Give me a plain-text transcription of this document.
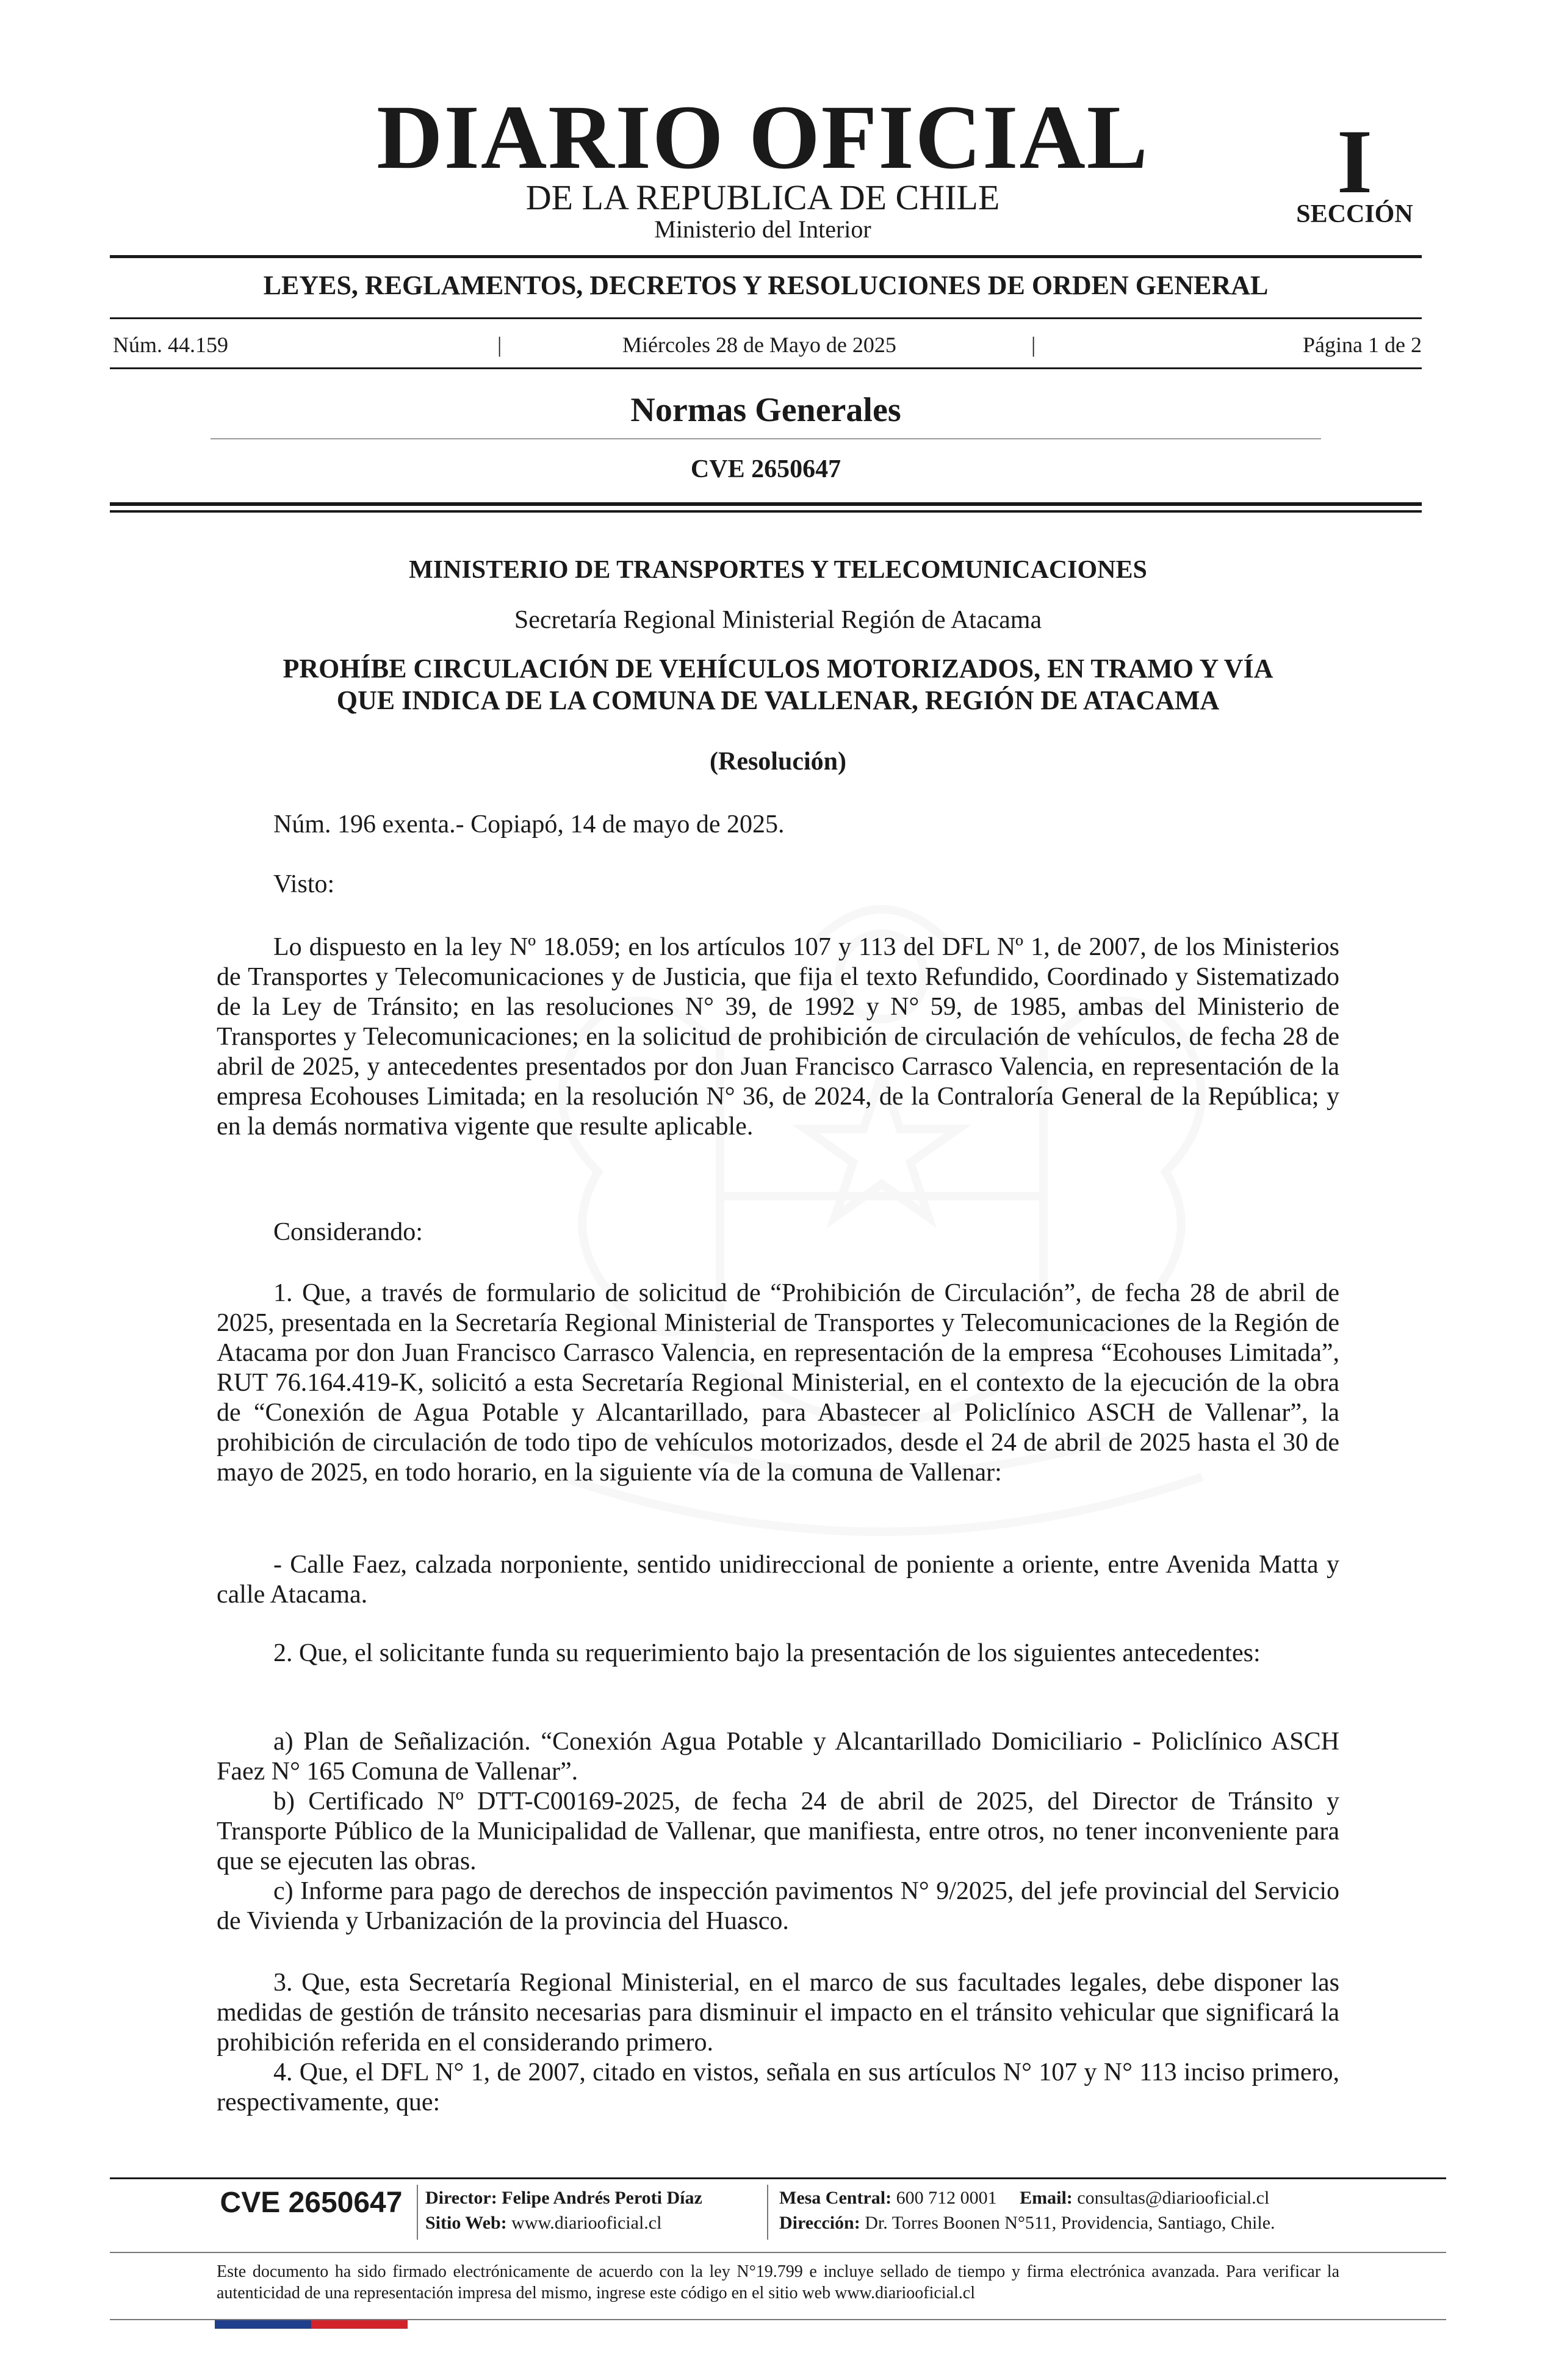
DIARIO OFICIAL
DE LA REPUBLICA DE CHILE
Ministerio del Interior
I
SECCIÓN
LEYES, REGLAMENTOS, DECRETOS Y RESOLUCIONES DE ORDEN GENERAL
Núm. 44.159	|	Miércoles 28 de Mayo de 2025	|	Página 1 de 2
Normas Generales
CVE 2650647
MINISTERIO DE TRANSPORTES Y TELECOMUNICACIONES
Secretaría Regional Ministerial Región de Atacama
PROHÍBE CIRCULACIÓN DE VEHÍCULOS MOTORIZADOS, EN TRAMO Y VÍA
QUE INDICA DE LA COMUNA DE VALLENAR, REGIÓN DE ATACAMA
(Resolución)
Núm. 196 exenta.- Copiapó, 14 de mayo de 2025.
Visto:

Lo dispuesto en la ley Nº 18.059; en los artículos 107 y 113 del DFL Nº 1, de 2007, de los Ministerios de Transportes y Telecomunicaciones y de Justicia, que fija el texto Refundido, Coordinado y Sistematizado de la Ley de Tránsito; en las resoluciones N° 39, de 1992 y N° 59, de 1985, ambas del Ministerio de Transportes y Telecomunicaciones; en la solicitud de prohibición de circulación de vehículos, de fecha 28 de abril de 2025, y antecedentes presentados por don Juan Francisco Carrasco Valencia, en representación de la empresa Ecohouses Limitada; en la resolución N° 36, de 2024, de la Contraloría General de la República; y en la demás normativa vigente que resulte aplicable.

Considerando:

1. Que, a través de formulario de solicitud de “Prohibición de Circulación”, de fecha 28 de abril de 2025, presentada en la Secretaría Regional Ministerial de Transportes y Telecomunicaciones de la Región de Atacama por don Juan Francisco Carrasco Valencia, en representación de la empresa “Ecohouses Limitada”, RUT 76.164.419-K, solicitó a esta Secretaría Regional Ministerial, en el contexto de la ejecución de la obra de “Conexión de Agua Potable y Alcantarillado, para Abastecer al Policlínico ASCH de Vallenar”, la prohibición de circulación de todo tipo de vehículos motorizados, desde el 24 de abril de 2025 hasta el 30 de mayo de 2025, en todo horario, en la siguiente vía de la comuna de Vallenar:

- Calle Faez, calzada norponiente, sentido unidireccional de poniente a oriente, entre Avenida Matta y calle Atacama.

2. Que, el solicitante funda su requerimiento bajo la presentación de los siguientes antecedentes:

a) Plan de Señalización. “Conexión Agua Potable y Alcantarillado Domiciliario - Policlínico ASCH Faez N° 165 Comuna de Vallenar”.

b) Certificado Nº DTT-C00169-2025, de fecha 24 de abril de 2025, del Director de Tránsito y Transporte Público de la Municipalidad de Vallenar, que manifiesta, entre otros, no tener inconveniente para que se ejecuten las obras.

c) Informe para pago de derechos de inspección pavimentos N° 9/2025, del jefe provincial del Servicio de Vivienda y Urbanización de la provincia del Huasco.

3. Que, esta Secretaría Regional Ministerial, en el marco de sus facultades legales, debe disponer las medidas de gestión de tránsito necesarias para disminuir el impacto en el tránsito vehicular que significará la prohibición referida en el considerando primero.

4. Que, el DFL N° 1, de 2007, citado en vistos, señala en sus artículos N° 107 y N° 113 inciso primero, respectivamente, que:

CVE 2650647	Director: Felipe Andrés Peroti Díaz
Sitio Web: www.diariooficial.cl
Mesa Central: 600 712 0001 Email: consultas@diariooficial.cl
Dirección: Dr. Torres Boonen N°511, Providencia, Santiago, Chile.

Este documento ha sido firmado electrónicamente de acuerdo con la ley N°19.799 e incluye sellado de tiempo y firma electrónica avanzada. Para verificar la autenticidad de una representación impresa del mismo, ingrese este código en el sitio web www.diariooficial.cl
